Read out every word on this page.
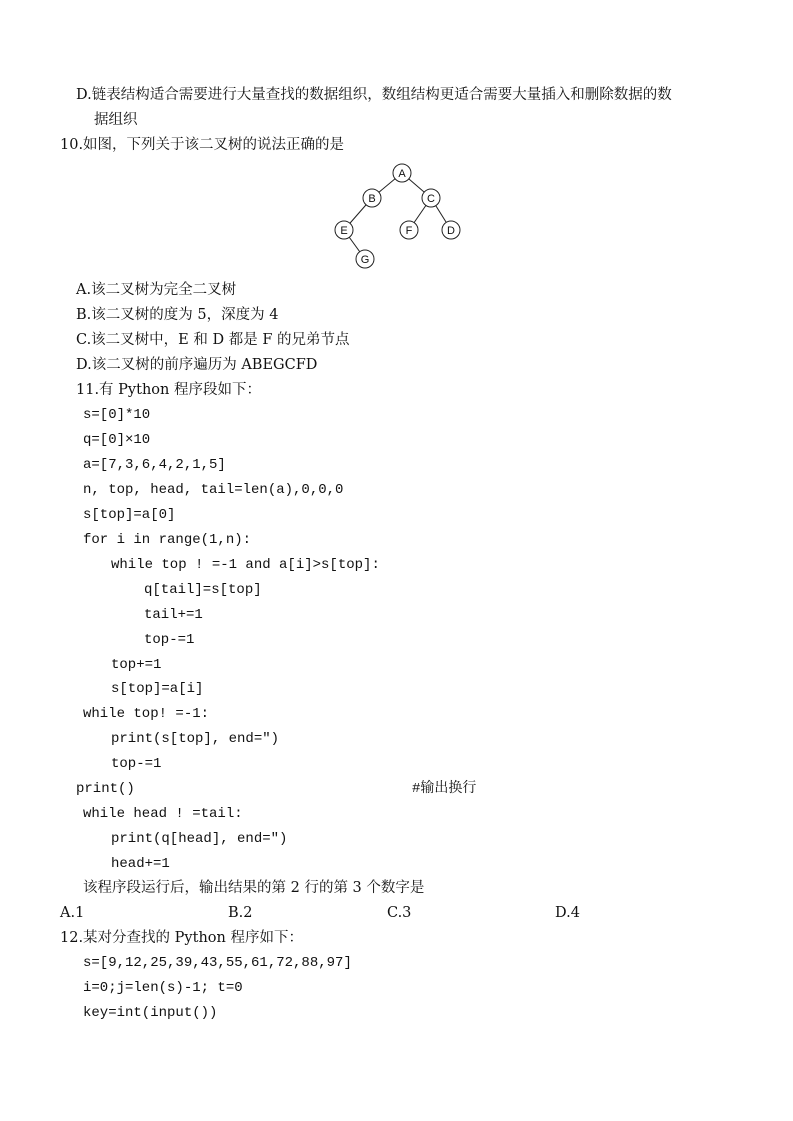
D.链表结构适合需要进行大量查找的数据组织，数组结构更适合需要大量插入和删除数据的数
据组织
10.如图，下列关于该二叉树的说法正确的是
A
B	C
E	F	D
G
A.该二叉树为完全二叉树
B.该二叉树的度为 5，深度为 4
C.该二叉树中，E 和 D 都是 F 的兄弟节点
D.该二叉树的前序遍历为 ABEGCFD
11.有 Python 程序段如下：
s=[0]*10
q=[0]×10
a=[7,3,6,4,2,1,5]
n, top, head, tail=len(a),0,0,0
s[top]=a[0]
for i in range(1,n):
while top ! =-1 and a[i]>s[top]:
q[tail]=s[top]
tail+=1
top-=1
top+=1
s[top]=a[i]
while top! =-1:
print(s[top], end=″)
top-=1
print()	#输出换行
while head ! =tail:
print(q[head], end=″)
head+=1
该程序段运行后，输出结果的第 2 行的第 3 个数字是
A.1	B.2	C.3	D.4
12.某对分查找的 Python 程序如下：
s=[9,12,25,39,43,55,61,72,88,97]
i=0;j=len(s)-1; t=0
key=int(input())
